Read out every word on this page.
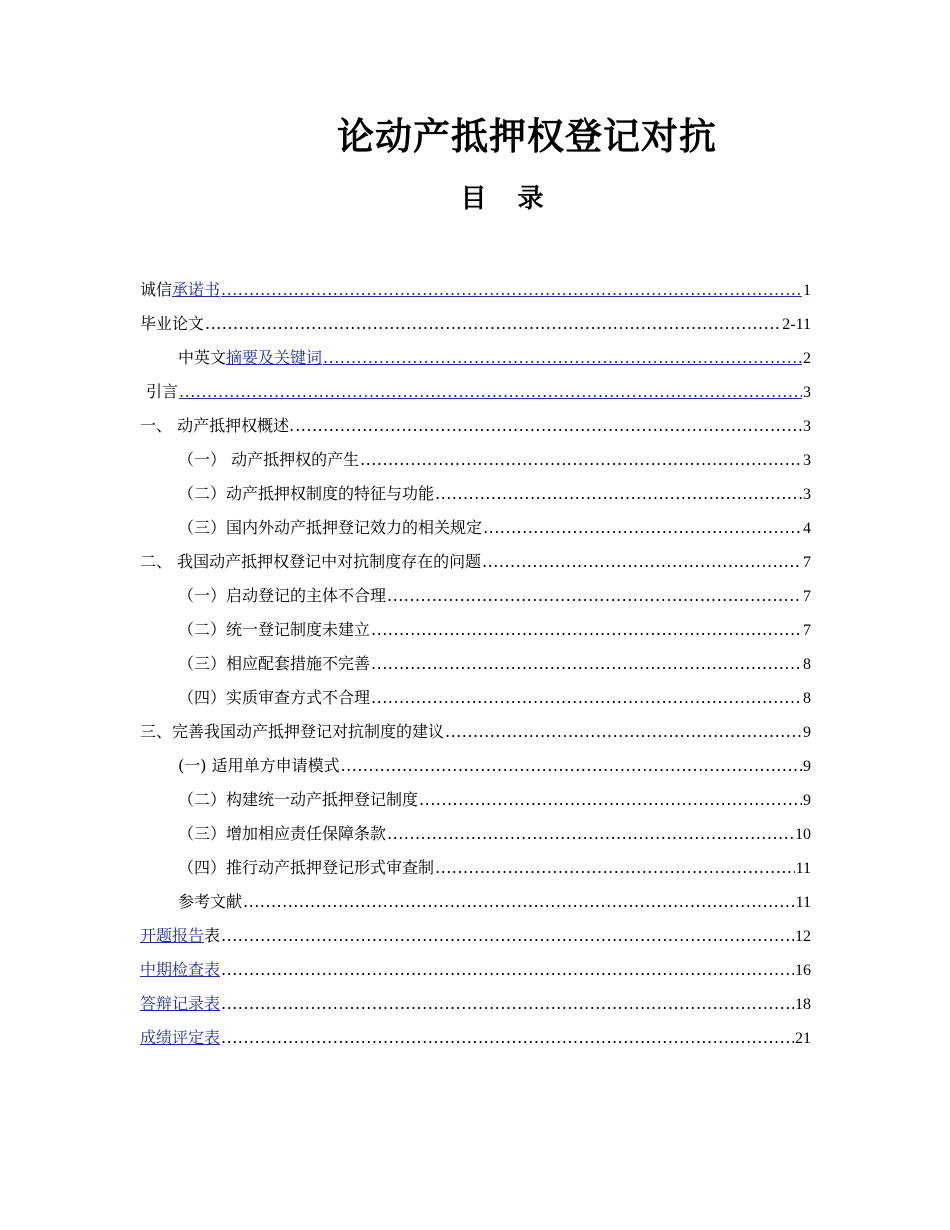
论动产抵押权登记对抗
目 录
诚信承诺书 .....	1
毕业论文 .....	2-11
中英文摘要及关键词 .....	2
引言 .....	3
一、 动产抵押权概述. .....	3
（一） 动产抵押权的产生 .....	3
（二）动产抵押权制度的特征与功能 .....	3
（三）国内外动产抵押登记效力的相关规定 .....	4
二、 我国动产抵押权登记中对抗制度存在的问题 .....	7
（一）启动登记的主体不合理 .....	7
（二）统一登记制度未建立 .....	7
（三）相应配套措施不完善 .....	8
（四）实质审查方式不合理 .....	8
三、完善我国动产抵押登记对抗制度的建议 .....	9
(一) 适用单方申请模式 .....	9
（二）构建统一动产抵押登记制度 .....	9
（三）增加相应责任保障条款 .....	10
（四）推行动产抵押登记形式审查制 .....	11
参考文献 .....	11
开题报告表 .....	12
中期检查表 .....	16
答辩记录表 .....	18
成绩评定表 .....	21
